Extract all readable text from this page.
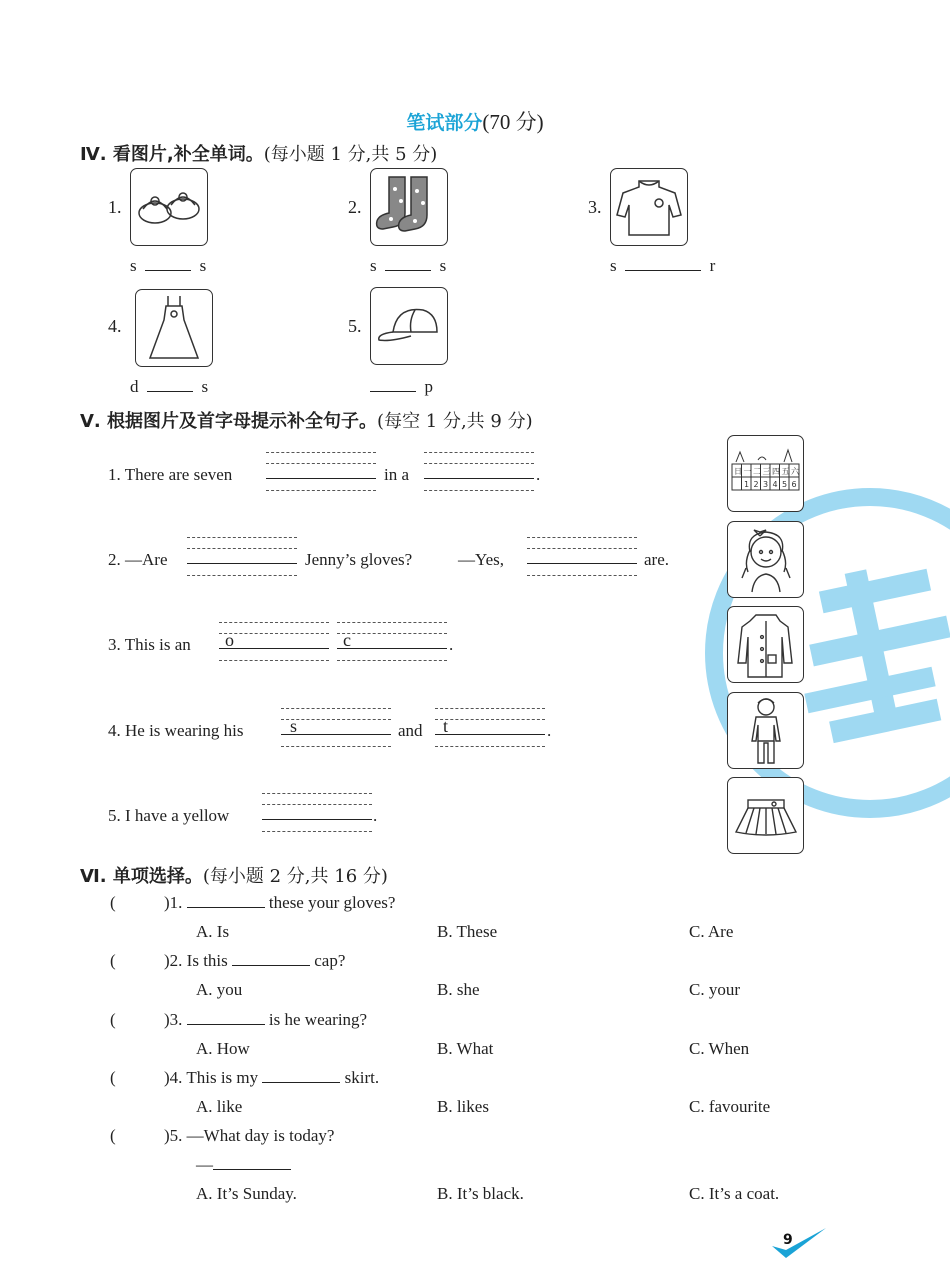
笔试部分(70 分)
Ⅳ. 看图片,补全单词。(每小题 1 分,共 5 分)
1.
s	s
2.
s	s
3.
s	r
4.
d	s
5.
p
Ⅴ. 根据图片及首字母提示补全句子。(每空 1 分,共 9 分)
1. There are seven	in a	.
2. —Are	Jenny’s gloves?	—Yes,	are.
3. This is an o	c	.
4. He is wearing his	s	and t	.
5. I have a yellow	.
日 一 二 三 四 五 六
1 2 3 4 5 6
Ⅵ. 单项选择。(每小题 2 分,共 16 分)
(	)1.	these your gloves?
A. Is	B. These	C. Are
(	)2. Is this	cap?
A. you	B. she	C. your
(	)3.	is he wearing?
A. How	B. What	C. When
(	)4. This is my	skirt.
A. like	B. likes	C. favourite
(	)5. —What day is today?
—
A. It’s Sunday.	B. It’s black.	C. It’s a coat.
9
